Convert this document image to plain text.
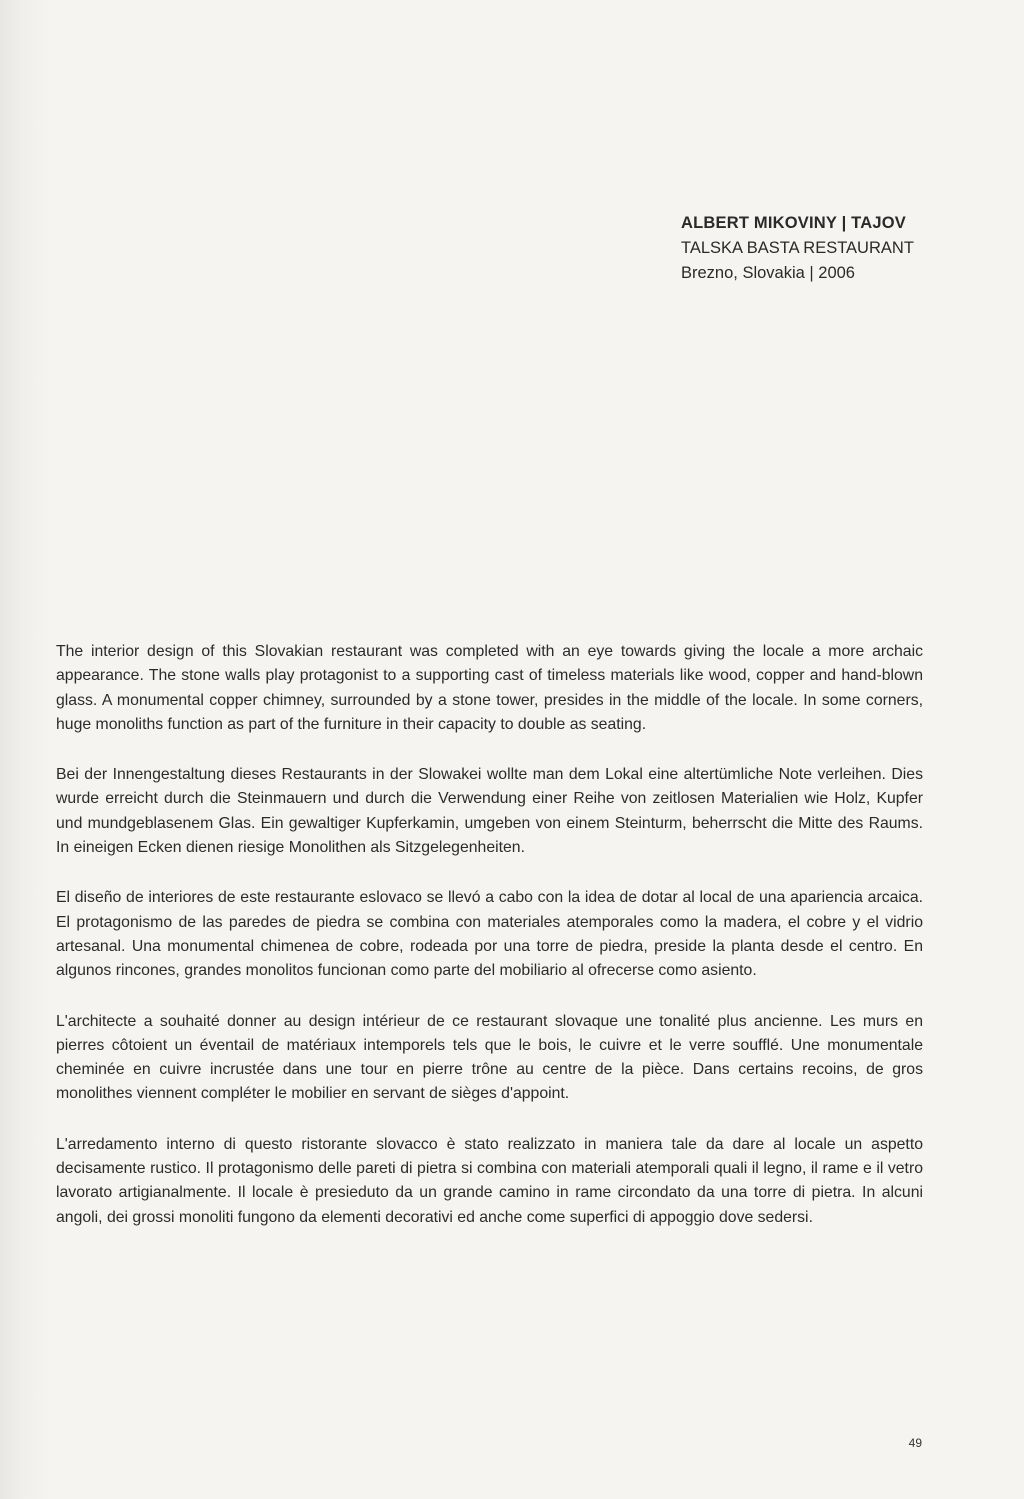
ALBERT MIKOVINY | TAJOV
TALSKA BASTA RESTAURANT
Brezno, Slovakia | 2006

The interior design of this Slovakian restaurant was completed with an eye towards giving the locale a more archaic appearance. The stone walls play protagonist to a supporting cast of timeless materials like wood, copper and hand-blown glass. A monumental copper chimney, surrounded by a stone tower, presides in the middle of the locale. In some corners, huge monoliths function as part of the furniture in their capacity to double as seating.

Bei der Innengestaltung dieses Restaurants in der Slowakei wollte man dem Lokal eine altertümliche Note verleihen. Dies wurde erreicht durch die Steinmauern und durch die Verwendung einer Reihe von zeitlosen Materialien wie Holz, Kupfer und mundgeblasenem Glas. Ein gewaltiger Kupferkamin, umgeben von einem Steinturm, beherrscht die Mitte des Raums. In eineigen Ecken dienen riesige Monolithen als Sitzgelegenheiten.

El diseño de interiores de este restaurante eslovaco se llevó a cabo con la idea de dotar al local de una apariencia arcaica. El protagonismo de las paredes de piedra se combina con materiales atemporales como la madera, el cobre y el vidrio artesanal. Una monumental chimenea de cobre, rodeada por una torre de piedra, preside la planta desde el centro. En algunos rincones, grandes monolitos funcionan como parte del mobiliario al ofrecerse como asiento.

L'architecte a souhaité donner au design intérieur de ce restaurant slovaque une tonalité plus ancienne. Les murs en pierres côtoient un éventail de matériaux intemporels tels que le bois, le cuivre et le verre soufflé. Une monumentale cheminée en cuivre incrustée dans une tour en pierre trône au centre de la pièce. Dans certains recoins, de gros monolithes viennent compléter le mobilier en servant de sièges d'appoint.

L'arredamento interno di questo ristorante slovacco è stato realizzato in maniera tale da dare al locale un aspetto decisamente rustico. Il protagonismo delle pareti di pietra si combina con materiali atemporali quali il legno, il rame e il vetro lavorato artigianalmente. Il locale è presieduto da un grande camino in rame circondato da una torre di pietra. In alcuni angoli, dei grossi monoliti fungono da elementi decorativi ed anche come superfici di appoggio dove sedersi.

49
